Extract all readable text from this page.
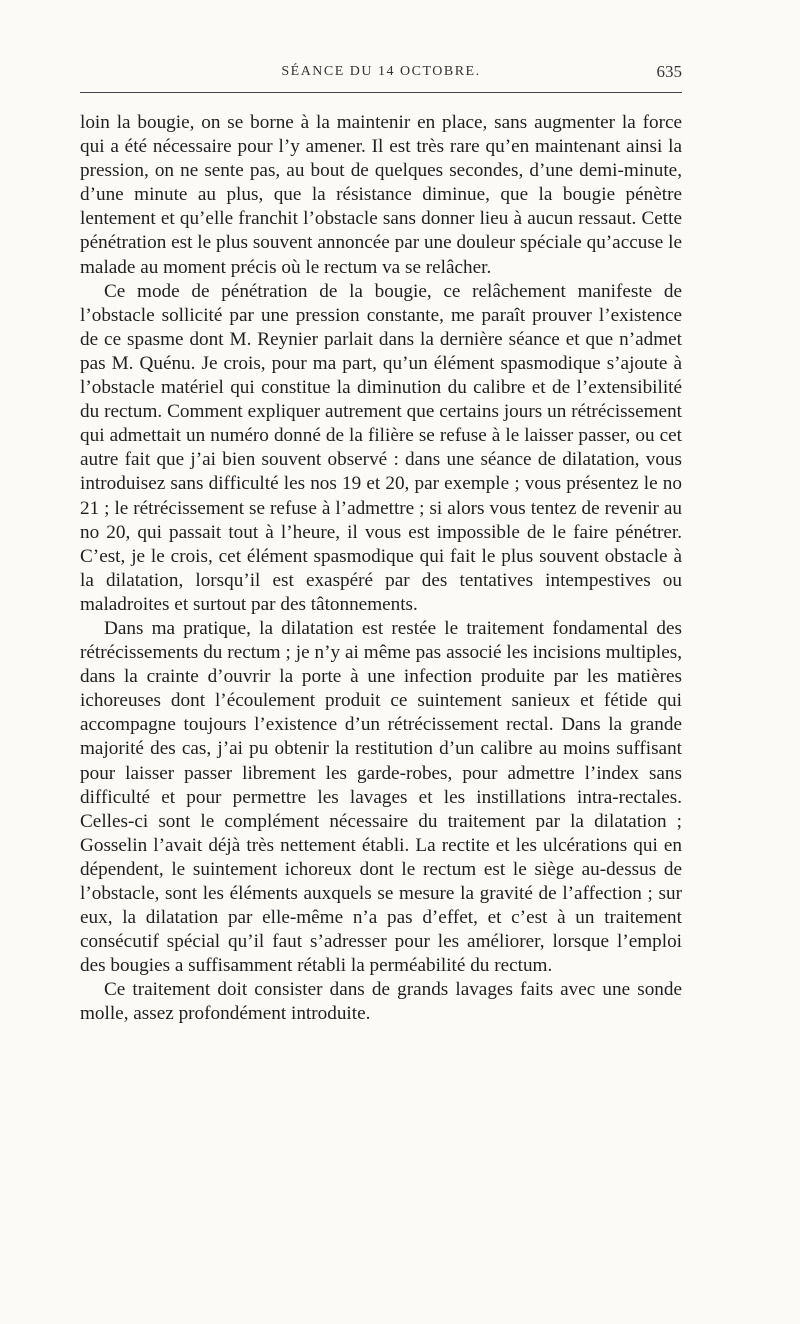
SÉANCE DU 14 OCTOBRE.	635

loin la bougie, on se borne à la maintenir en place, sans augmenter la force qui a été nécessaire pour l’y amener. Il est très rare qu’en maintenant ainsi la pression, on ne sente pas, au bout de quelques secondes, d’une demi-minute, d’une minute au plus, que la résistance diminue, que la bougie pénètre lentement et qu’elle franchit l’obstacle sans donner lieu à aucun ressaut. Cette pénétration est le plus souvent annoncée par une douleur spéciale qu’accuse le malade au moment précis où le rectum va se relâcher.

Ce mode de pénétration de la bougie, ce relâchement manifeste de l’obstacle sollicité par une pression constante, me paraît prouver l’existence de ce spasme dont M. Reynier parlait dans la dernière séance et que n’admet pas M. Quénu. Je crois, pour ma part, qu’un élément spasmodique s’ajoute à l’obstacle matériel qui constitue la diminution du calibre et de l’extensibilité du rectum. Comment expliquer autrement que certains jours un rétrécissement qui admettait un numéro donné de la filière se refuse à le laisser passer, ou cet autre fait que j’ai bien souvent observé : dans une séance de dilatation, vous introduisez sans difficulté les nos 19 et 20, par exemple ; vous présentez le no 21 ; le rétrécissement se refuse à l’admettre ; si alors vous tentez de revenir au no 20, qui passait tout à l’heure, il vous est impossible de le faire pénétrer. C’est, je le crois, cet élément spasmodique qui fait le plus souvent obstacle à la dilatation, lorsqu’il est exaspéré par des tentatives intempestives ou maladroites et surtout par des tâtonnements.

Dans ma pratique, la dilatation est restée le traitement fondamental des rétrécissements du rectum ; je n’y ai même pas associé les incisions multiples, dans la crainte d’ouvrir la porte à une infection produite par les matières ichoreuses dont l’écoulement produit ce suintement sanieux et fétide qui accompagne toujours l’existence d’un rétrécissement rectal. Dans la grande majorité des cas, j’ai pu obtenir la restitution d’un calibre au moins suffisant pour laisser passer librement les garde-robes, pour admettre l’index sans difficulté et pour permettre les lavages et les instillations intra-rectales. Celles-ci sont le complément nécessaire du traitement par la dilatation ; Gosselin l’avait déjà très nettement établi. La rectite et les ulcérations qui en dépendent, le suintement ichoreux dont le rectum est le siège au-dessus de l’obstacle, sont les éléments auxquels se mesure la gravité de l’affection ; sur eux, la dilatation par elle-même n’a pas d’effet, et c’est à un traitement consécutif spécial qu’il faut s’adresser pour les améliorer, lorsque l’emploi des bougies a suffisamment rétabli la perméabilité du rectum.

Ce traitement doit consister dans de grands lavages faits avec une sonde molle, assez profondément introduite.
